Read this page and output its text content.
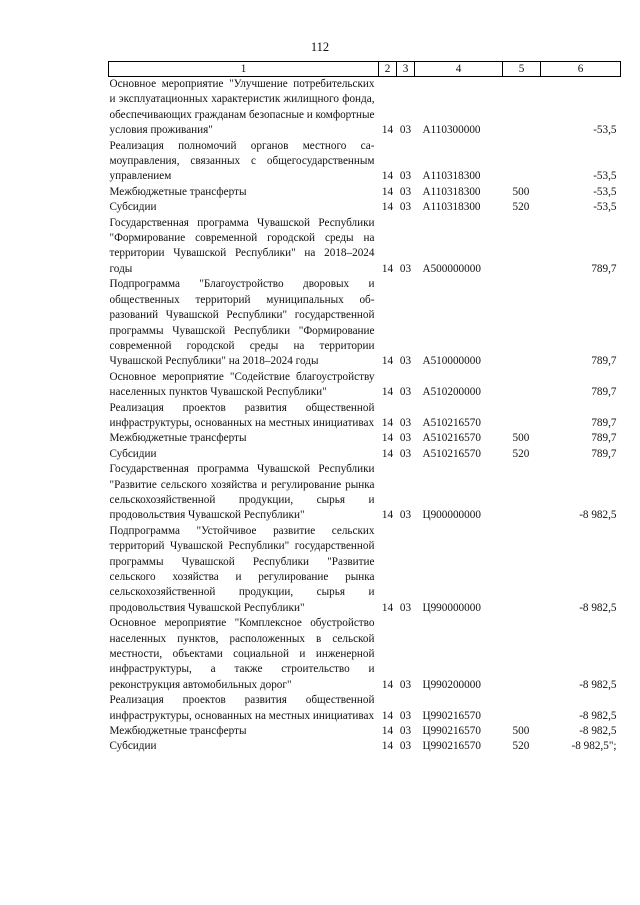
112
1	2	3	4	5	6
Основное мероприятие "Улучшение потребительских и эксплуатационных характеристик жилищного фонда, обеспечивающих гражданам безопасные и комфортные условия проживания"	14	03	А110300000		-53,5
Реализация полномочий органов местного самоуправления, связанных с общегосударственным управлением	14	03	А110318300		-53,5
Межбюджетные трансферты	14	03	А110318300	500	-53,5
Субсидии	14	03	А110318300	520	-53,5
Государственная программа Чувашской Республики "Формирование современной городской среды на территории Чувашской Республики" на 2018–2024 годы	14	03	А500000000		789,7
Подпрограмма "Благоустройство дворовых и общественных территорий муниципальных образований Чувашской Республики" государственной программы Чувашской Республики "Формирование современной городской среды на территории Чувашской Республики" на 2018–2024 годы	14	03	А510000000		789,7
Основное мероприятие "Содействие благоустройству населенных пунктов Чувашской Республики"	14	03	А510200000		789,7
Реализация проектов развития общественной инфраструктуры, основанных на местных инициативах	14	03	А510216570		789,7
Межбюджетные трансферты	14	03	А510216570	500	789,7
Субсидии	14	03	А510216570	520	789,7
Государственная программа Чувашской Республики "Развитие сельского хозяйства и регулирование рынка сельскохозяйственной продукции, сырья и продовольствия Чувашской Республики"	14	03	Ц900000000		-8 982,5
Подпрограмма "Устойчивое развитие сельских территорий Чувашской Республики" государственной программы Чувашской Республики "Развитие сельского хозяйства и регулирование рынка сельскохозяйственной продукции, сырья и продовольствия Чувашской Республики"	14	03	Ц990000000		-8 982,5
Основное мероприятие "Комплексное обустройство населенных пунктов, расположенных в сельской местности, объектами социальной и инженерной инфраструктуры, а также строительство и реконструкция автомобильных дорог"	14	03	Ц990200000		-8 982,5
Реализация проектов развития общественной инфраструктуры, основанных на местных инициативах	14	03	Ц990216570		-8 982,5
Межбюджетные трансферты	14	03	Ц990216570	500	-8 982,5
Субсидии	14	03	Ц990216570	520	-8 982,5";
